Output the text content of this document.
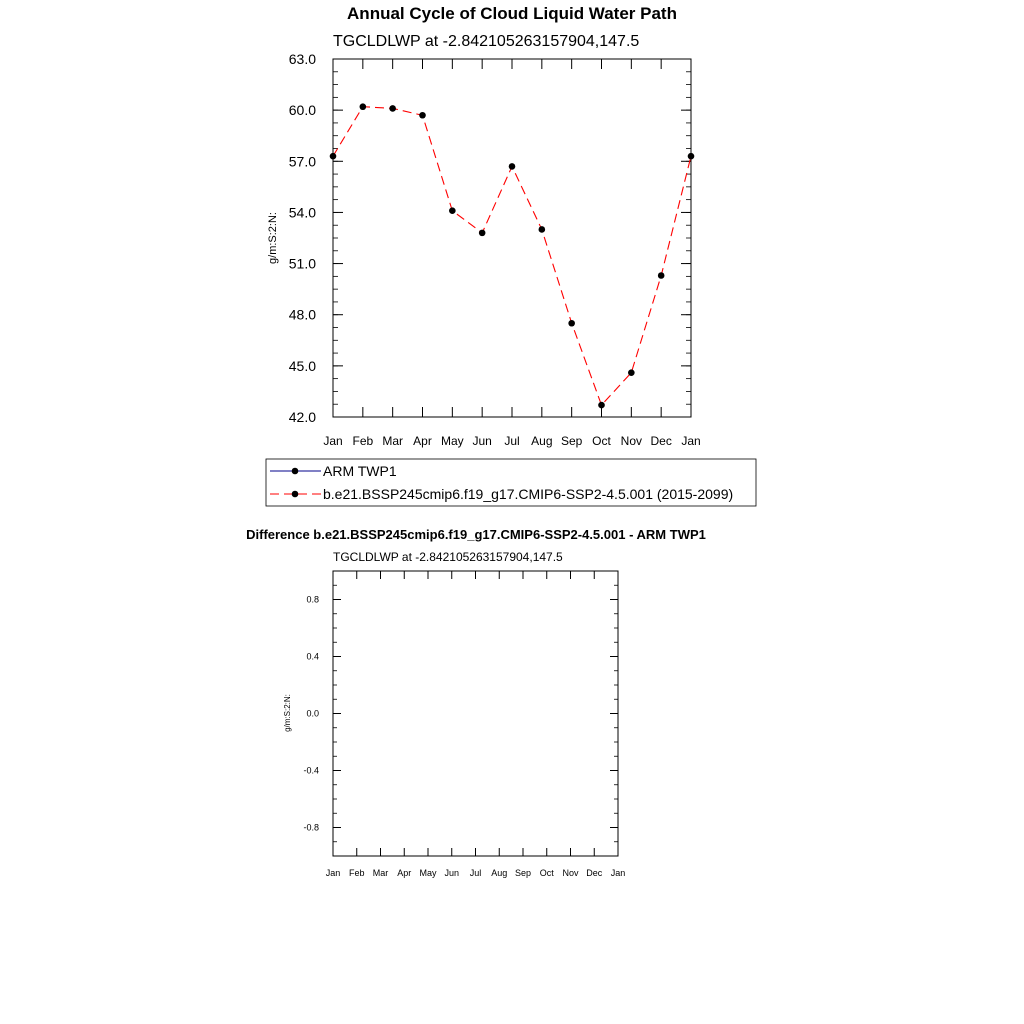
Annual Cycle of Cloud Liquid Water Path
TGCLDLWP at -2.842105263157904,147.5
42.0
45.0
48.0
51.0
54.0
57.0
60.0
63.0
Jan Feb Mar Apr May Jun Jul Aug Sep Oct Nov Dec Jan
g/m:S:2:N:
ARM TWP1
b.e21.BSSP245cmip6.f19_g17.CMIP6-SSP2-4.5.001 (2015-2099)
Difference b.e21.BSSP245cmip6.f19_g17.CMIP6-SSP2-4.5.001 - ARM TWP1
TGCLDLWP at -2.842105263157904,147.5
-0.8
-0.4
0.0
0.4
0.8
Jan Feb Mar Apr May Jun Jul Aug Sep Oct Nov Dec Jan
g/m:S:2:N:
